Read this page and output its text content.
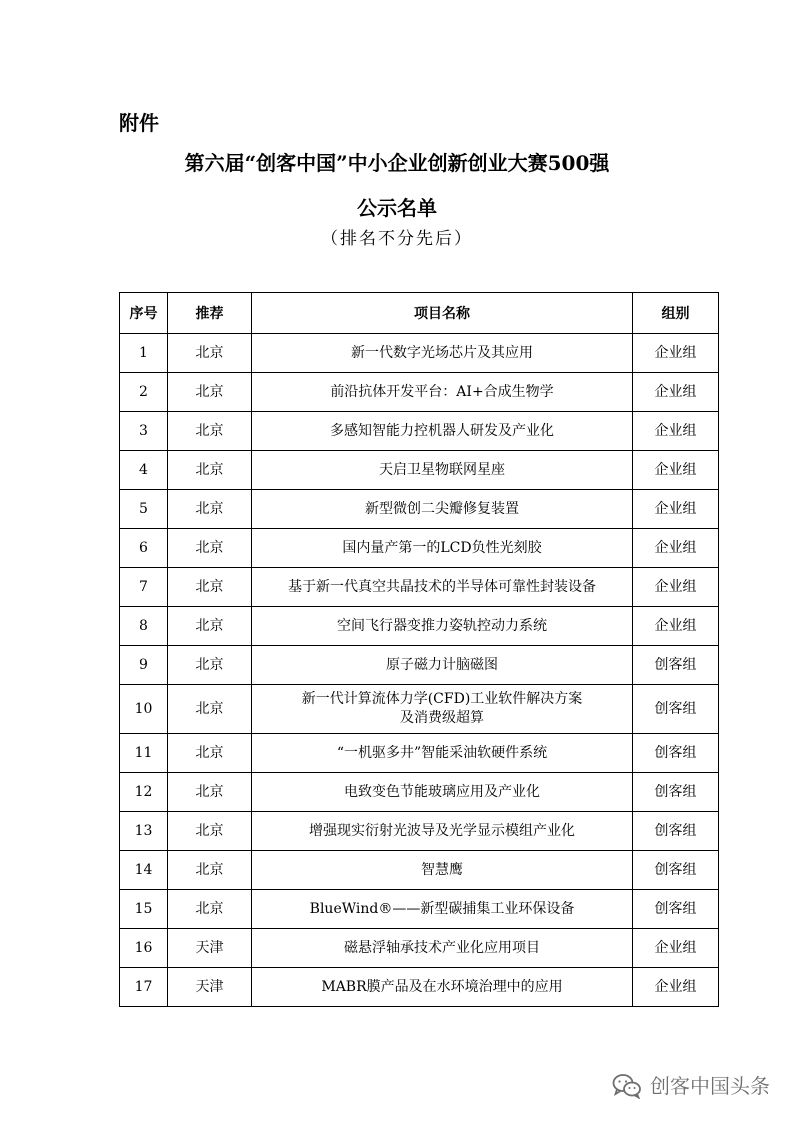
附件
第六届“创客中国”中小企业创新创业大赛500强
公示名单
（排名不分先后）
序号	推荐	项目名称	组别
1	北京	新一代数字光场芯片及其应用	企业组
2	北京	前沿抗体开发平台：AI+合成生物学	企业组
3	北京	多感知智能力控机器人研发及产业化	企业组
4	北京	天启卫星物联网星座	企业组
5	北京	新型微创二尖瓣修复装置	企业组
6	北京	国内量产第一的LCD负性光刻胶	企业组
7	北京	基于新一代真空共晶技术的半导体可靠性封装设备	企业组
8	北京	空间飞行器变推力姿轨控动力系统	企业组
9	北京	原子磁力计脑磁图	创客组
10	北京	新一代计算流体力学(CFD)工业软件解决方案
及消费级超算	创客组
11	北京	“一机驱多井”智能采油软硬件系统	创客组
12	北京	电致变色节能玻璃应用及产业化	创客组
13	北京	增强现实衍射光波导及光学显示模组产业化	创客组
14	北京	智慧鹰	创客组
15	北京	BlueWind®——新型碳捕集工业环保设备	创客组
16	天津	磁悬浮轴承技术产业化应用项目	企业组
17	天津	MABR膜产品及在水环境治理中的应用	企业组
创客中国头条
